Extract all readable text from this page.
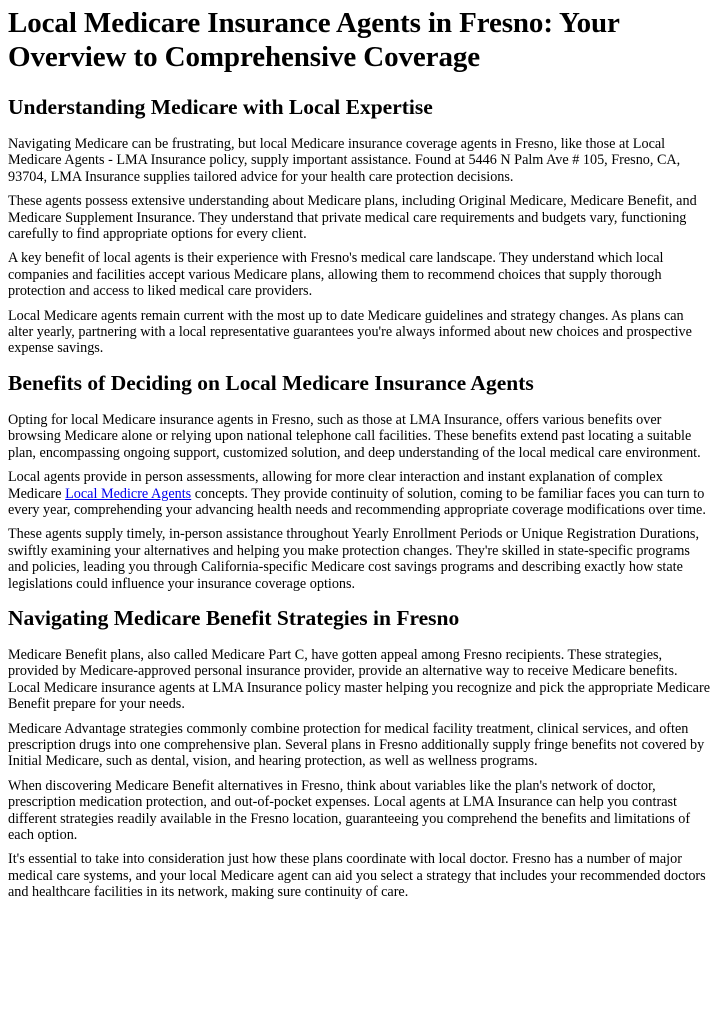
Local Medicare Insurance Agents in Fresno: Your Overview to Comprehensive Coverage
Understanding Medicare with Local Expertise

Navigating Medicare can be frustrating, but local Medicare insurance coverage agents in Fresno, like those at Local Medicare Agents - LMA Insurance policy, supply important assistance. Found at 5446 N Palm Ave # 105, Fresno, CA, 93704, LMA Insurance supplies tailored advice for your health care protection decisions.

These agents possess extensive understanding about Medicare plans, including Original Medicare, Medicare Benefit, and Medicare Supplement Insurance. They understand that private medical care requirements and budgets vary, functioning carefully to find appropriate options for every client.

A key benefit of local agents is their experience with Fresno's medical care landscape. They understand which local companies and facilities accept various Medicare plans, allowing them to recommend choices that supply thorough protection and access to liked medical care providers.

Local Medicare agents remain current with the most up to date Medicare guidelines and strategy changes. As plans can alter yearly, partnering with a local representative guarantees you're always informed about new choices and prospective expense savings.

Benefits of Deciding on Local Medicare Insurance Agents

Opting for local Medicare insurance agents in Fresno, such as those at LMA Insurance, offers various benefits over browsing Medicare alone or relying upon national telephone call facilities. These benefits extend past locating a suitable plan, encompassing ongoing support, customized solution, and deep understanding of the local medical care environment.

Local agents provide in person assessments, allowing for more clear interaction and instant explanation of complex Medicare Local Medicre Agents concepts. They provide continuity of solution, coming to be familiar faces you can turn to every year, comprehending your advancing health needs and recommending appropriate coverage modifications over time.

These agents supply timely, in-person assistance throughout Yearly Enrollment Periods or Unique Registration Durations, swiftly examining your alternatives and helping you make protection changes. They're skilled in state-specific programs and policies, leading you through California-specific Medicare cost savings programs and describing exactly how state legislations could influence your insurance coverage options.

Navigating Medicare Benefit Strategies in Fresno

Medicare Benefit plans, also called Medicare Part C, have gotten appeal among Fresno recipients. These strategies, provided by Medicare-approved personal insurance provider, provide an alternative way to receive Medicare benefits. Local Medicare insurance agents at LMA Insurance policy master helping you recognize and pick the appropriate Medicare Benefit prepare for your needs.

Medicare Advantage strategies commonly combine protection for medical facility treatment, clinical services, and often prescription drugs into one comprehensive plan. Several plans in Fresno additionally supply fringe benefits not covered by Initial Medicare, such as dental, vision, and hearing protection, as well as wellness programs.

When discovering Medicare Benefit alternatives in Fresno, think about variables like the plan's network of doctor, prescription medication protection, and out-of-pocket expenses. Local agents at LMA Insurance can help you contrast different strategies readily available in the Fresno location, guaranteeing you comprehend the benefits and limitations of each option.

It's essential to take into consideration just how these plans coordinate with local doctor. Fresno has a number of major medical care systems, and your local Medicare agent can aid you select a strategy that includes your recommended doctors and healthcare facilities in its network, making sure continuity of care.
